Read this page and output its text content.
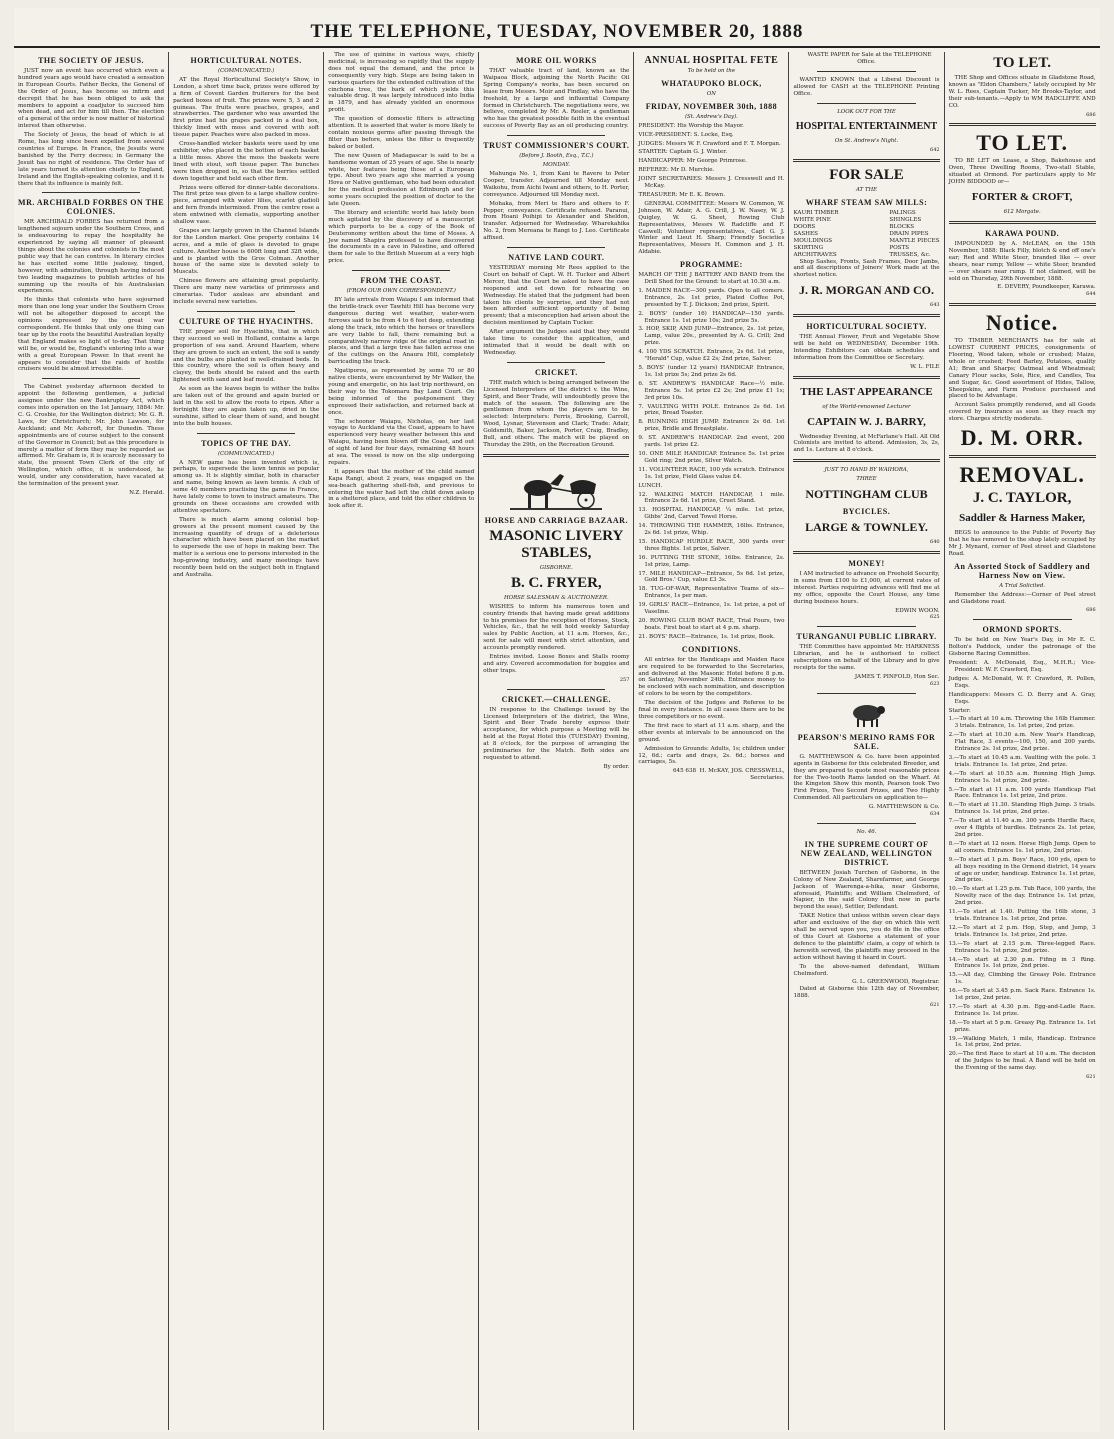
THE TELEPHONE, TUESDAY, NOVEMBER 20, 1888
THE SOCIETY OF JESUS.

JUST now an event has occurred which even a hundred years ago would have created a sensation in European Courts. Father Beckx, the General of the Order of Jesus, has become so infirm and decrepit that he has been obliged to ask the members to appoint a coadjutor to succeed him when dead, and act for him till then. The election of a general of the order is now matter of historical interest than otherwise.

The Society of Jesus, the head of which is at Rome, has long since been expelled from several countries of Europe. In France, the Jesuits were banished by the Ferry decrees; in Germany the Jesuit has no right of residence. The Order has of late years turned its attention chiefly to England, Ireland and the English-speaking colonies, and it is there that its influence is mainly felt.

MR. ARCHIBALD FORBES ON THE COLONIES.

MR ARCHIBALD FORBES has returned from a lengthened sojourn under the Southern Cross, and is endeavouring to repay the hospitality he experienced by saying all manner of pleasant things about the colonies and colonists in the most public way that he can contrive. In literary circles he has excited some little jealousy, tinged, however, with admiration, through having induced two leading magazines to publish articles of his summing up the results of his Australasian experiences.

He thinks that colonists who have sojourned more than one long year under the Southern Cross will not be altogether disposed to accept the opinions expressed by the great war correspondent. He thinks that only one thing can tear up by the roots the beautiful Australian loyalty that England makes so light of to-day. That thing will be, or would be, England's entering into a war with a great European Power. In that event he appears to consider that the raids of hostile cruisers would be almost irresistible.

The Cabinet yesterday afternoon decided to appoint the following gentlemen, a judicial assignee under the new Bankruptcy Act, which comes into operation on the 1st January, 1884: Mr. C. G. Crosbie, for the Wellington district; Mr. G. R. Laws, for Christchurch; Mr. John Lawson, for Auckland; and Mr. Ashcroft, for Dunedin. These appointments are of course subject to the consent of the Governor in Council; but as this procedure is merely a matter of form they may be regarded as affirmed. Mr. Graham is, it is scarcely necessary to state, the present Town Clerk of the city of Wellington, which office, it is understood, he would, under any consideration, have vacated at the termination of the present year.

N.Z. Herald.
HORTICULTURAL NOTES.
(COMMUNICATED.)

AT the Royal Horticultural Society's Show, in London, a short time back, prizes were offered by a firm of Covent Garden fruiterers for the best packed boxes of fruit. The prizes were 5, 3 and 2 guineas. The fruits were peaches, grapes, and strawberries. The gardener who was awarded the first prize had his grapes packed in a deal box, thickly lined with moss and covered with soft tissue paper. Peaches were also packed in moss.

Cross-handled wicker baskets were used by one exhibitor, who placed in the bottom of each basket a little moss. Above the moss the baskets were lined with stout, soft tissue paper. The bunches were then dropped in, so that the berries settled down together and held each other firm.

Prizes were offered for dinner-table decorations. The first prize was given to a large shallow centre-piece, arranged with water lilies, scarlet gladioli and fern fronds intermixed. From the centre rose a stem entwined with clematis, supporting another shallow vase.

Grapes are largely grown in the Channel Islands for the London market. One property contains 14 acres, and a mile of glass is devoted to grape culture. Another house is 600ft long and 32ft wide, and is planted with the Gros Colman. Another house of the same size is devoted solely to Muscats.

Chinese flowers are attaining great popularity. There are many new varieties of primroses and cinerarias. Tudor azaleas are abundant and include several new varieties.

CULTURE OF THE HYACINTHS.

THE proper soil for Hyacinths, that in which they succeed so well in Holland, contains a large proportion of sea sand. Around Haarlem, where they are grown to such an extent, the soil is sandy and the bulbs are planted in well-drained beds. In this country, where the soil is often heavy and clayey, the beds should be raised and the earth lightened with sand and leaf mould.

As soon as the leaves begin to wither the bulbs are taken out of the ground and again buried or laid in the soil to allow the roots to ripen. After a fortnight they are again taken up, dried in the sunshine, sifted to clear them of sand, and bought into the bulb houses.

TOPICS OF THE DAY.
(COMMUNICATED.)

A NEW game has been invented which is, perhaps, to supersede the lawn tennis so popular among us. It is slightly similar, both in character and name, being known as lawn tennis. A club of some 40 members practising the game in France, have lately come to town to instruct amateurs. The grounds on these occasions are crowded with attentive spectators.

There is much alarm among colonial hop-growers at the present moment caused by the increasing quantity of drugs of a deleterious character which have been placed on the market to supersede the use of hops in making beer. The matter is a serious one to persons interested in the hop-growing industry, and many meetings have recently been held on the subject both in England and Australia.

The use of quinine in various ways, chiefly medicinal, is increasing so rapidly that the supply does not equal the demand, and the price is consequently very high. Steps are being taken in various quarters for the extended cultivation of the cinchona tree, the bark of which yields this valuable drug. It was largely introduced into India in 1879, and has already yielded an enormous profit.

The question of domestic filters is attracting attention. It is asserted that water is more likely to contain noxious germs after passing through the filter than before, unless the filter is frequently baked or boiled.

The new Queen of Madagascar is said to be a handsome woman of 25 years of age. She is nearly white, her features being those of a European type. About two years ago she married a young Hova or Native gentleman, who had been educated for the medical profession at Edinburgh and for some years occupied the position of doctor to the late Queen.

The literary and scientific world has lately been much agitated by the discovery of a manuscript which purports to be a copy of the Book of Deuteronomy written about the time of Moses. A Jew named Shapira professed to have discovered the documents in a cave in Palestine, and offered them for sale to the British Museum at a very high price.

FROM THE COAST.
(FROM OUR OWN CORRESPONDENT.)

BY late arrivals from Waiapu I am informed that the bridle-track over Tawhiti Hill has become very dangerous during wet weather, water-worn furrows said to be from 4 to 6 feet deep, extending along the track, into which the horses or travellers are very liable to fall, there remaining but a comparatively narrow ridge of the original road in places, and that a large tree has fallen across one of the cuttings on the Anaura Hill, completely barricading the track.

Ngatiporou, as represented by some 70 or 80 native clients, were encountered by Mr Walker, the young and energetic, on his last trip northward, on their way to the Tokomaru Bay Land Court. On being informed of the postponement they expressed their satisfaction, and returned back at once.

The schooner Waiapu, Nicholas, on her last voyage to Auckland via the Coast, appears to have experienced very heavy weather between this and Waiapu, having been blown off the Coast, and out of sight of land for four days, remaining 48 hours at sea. The vessel is now on the slip undergoing repairs.

It appears that the mother of the child named Kapa Rangi, about 2 years, was engaged on the sea-beach gathering shell-fish, and previous to entering the water had left the child down asleep in a sheltered place, and told the other children to look after it.

MORE OIL WORKS

THAT valuable tract of land, known as the Waipaoa Block, adjoining the North Pacific Oil Spring Company's works, has been secured on lease from Messrs. Moir and Findlay, who have the freehold, by a large and influential Company formed in Christchurch. The negotiations were, we believe, completed by Mr. A. Reeler, a gentleman who has the greatest possible faith in the eventual success of Poverty Bay as an oil producing country.

TRUST COMMISSIONER'S COURT.
(Before J. Booth, Esq., T.C.)
MONDAY.

Mahunga No. 1, from Kani te Ravere to Peter Cooper, transfer. Adjourned till Monday next. Waikohu, from Aichi Iwani and others, to H. Porter, conveyance. Adjourned till Monday next.

Mohaka, from Meri te Haro and others to F. Pepper, conveyance. Certificate refused. Paranui, from Hoani Poihipi to Alexander and Sheldon, transfer. Adjourned for Wednesday. Wharekahika No. 2, from Mereana te Rangi to J. Leo. Certificate affixed.

NATIVE LAND COURT.

YESTERDAY morning Mr Rees applied to the Court on behalf of Capt. W. H. Tucker and Albert Mercer, that the Court be asked to have the case reopened and set down for rehearing on Wednesday. He stated that the judgment had been taken his clients by surprise, and they had not been afforded sufficient opportunity of being present; that a misconception had arisen about the decision mentioned by Captain Tucker.

After argument the Judges said that they would take time to consider the application, and intimated that it would be dealt with on Wednesday.

CRICKET.

THE match which is being arranged between the Licensed Interpreters of the district v. the Wine, Spirit, and Beer Trade, will undoubtedly prove the match of the season. The following are the gentlemen from whom the players are to be selected: Interpreters: Ferris, Brooking, Carroll, Wood, Lysnar, Stevenson and Clark; Trade: Adair, Goldsmith, Baker, Jackson, Porter, Craig, Bradley, Bull, and others. The match will be played on Thursday the 29th, on the Recreation Ground.

HORSE AND CARRIAGE BAZAAR.
MASONIC LIVERY STABLES,
GISBORNE.
B. C. FRYER,
HORSE SALESMAN & AUCTIONEER.

WISHES to inform his numerous town and country friends that having made great additions to his premises for the reception of Horses, Stock, Vehicles, &c., that he will hold weekly Saturday sales by Public Auction, at 11 a.m. Horses, &c., sent for sale will meet with strict attention, and accounts promptly rendered.

Entries invited. Loose Boxes and Stalls roomy and airy. Covered accommodation for buggies and other traps.

257
CRICKET.—CHALLENGE.

IN response to the Challenge issued by the Licensed Interpreters of the district, the Wine, Spirit and Beer Trade hereby express their acceptance, for which purpose a Meeting will be held at the Royal Hotel this (TUESDAY) Evening, at 8 o'clock, for the purpose of arranging the preliminaries for the Match. Both sides are requested to attend.

By order.
ANNUAL HOSPITAL FETE
To be held on the
WHATAUPOKO BLOCK,
ON
FRIDAY, NOVEMBER 30th, 1888
(St. Andrew's Day).
PRESIDENT: His Worship the Mayor.
VICE-PRESIDENT: S. Locke, Esq.
JUDGES: Messrs W. F. Crawford and F. T. Morgan.
STARTER: Captain G. J. Winter.
HANDICAPPER: Mr George Primrose.
REFEREE: Mr D. Murchie.
JOINT SECRETARIES: Messrs J. Cresswell and H. McKay.
TREASURER: Mr E. K. Brown.

GENERAL COMMITTEE: Messrs W. Common, W. Johnson, W. Adair, A. G. Crill, J. W. Nasey, W. J. Quigley, W. G. Sheet, Rowing Club Representatives, Messrs W. Radcliffe and F. Caswell; Volunteer representatives, Capt G. J. Winter and Lieut H. Sharp; Friendly Societies Representatives, Messrs H. Common and J. H. Aldabie.

PROGRAMME:
MARCH OF THE J BATTERY AND BAND from the Drill Shed for the Ground: to start at 10.30 a.m.
1. MAIDEN RACE—300 yards. Open to all comers. Entrance, 2s. 1st prize, Plated Coffee Pot, presented by T. J. Dickson; 2nd prize, Spirit.
2. BOYS' (under 16) HANDICAP—150 yards. Entrance 1s. 1st prize 10s; 2nd prize 5s.
3. HOP, SKIP, AND JUMP—Entrance, 2s. 1st prize, Lamp, value 20s., presented by A. G. Crill; 2nd prize.
4. 100 YDS SCRATCH. Entrance, 2s 6d. 1st prize, "Herald" Cup, value £2 2s; 2nd prize, Salver.
5. BOYS' (under 12 years) HANDICAP. Entrance, 1s. 1st prize 5s; 2nd prize 2s 6d.
6. ST. ANDREW'S HANDICAP. Race—½ mile. Entrance 5s. 1st prize £2 2s; 2nd prize £1 1s; 3rd prize 10s.
7. VAULTING WITH POLE. Entrance 2s 6d. 1st prize, Bread Toaster.
8. RUNNING HIGH JUMP. Entrance 2s 6d. 1st prize, Bridle and Breastplate.
9. ST. ANDREW'S HANDICAP. 2nd event, 200 yards. 1st prize £2.
10. ONE MILE HANDICAP. Entrance 5s. 1st prize Gold ring; 2nd prize, Silver Watch.
11. VOLUNTEER RACE, 100 yds scratch. Entrance 1s. 1st prize, Field Glass value £4.
LUNCH.
12. WALKING MATCH HANDICAP, 1 mile. Entrance 2s 6d. 1st prize, Cruet Stand.
13. HOSPITAL HANDICAP, ¼ mile. 1st prize, Gibbs' 2nd, Carved Towel Horse.
14. THROWING THE HAMMER, 16lbs. Entrance, 2s 6d. 1st prize, Whip.
15. HANDICAP HURDLE RACE, 300 yards over three flights. 1st prize, Salver.
16. PUTTING THE STONE, 16lbs. Entrance, 2s. 1st prize, Lamp.
17. MILE HANDICAP—Entrance, 5s 6d. 1st prize, Gold Bros.' Cup, value £3 3s.
18. TUG-OF-WAR, Representative Teams of six—Entrance, 1s per man.
19. GIRLS' RACE—Entrance, 1s. 1st prize, a pot of Vaseline.
20. ROWING CLUB BOAT RACE, Trial Fours, two boats. First boat to start at 4 p.m. sharp.
21. BOYS' RACE—Entrance, 1s. 1st prize, Book.
CONDITIONS.

All entries for the Handicaps and Maiden Race are required to be forwarded to the Secretaries, and delivered at the Masonic Hotel before 8 p.m. on Saturday, November 24th. Entrance money to be enclosed with each nomination, and description of colors to be worn by the competitors.

The decision of the Judges and Referee to be final in every instance. In all cases there are to be three competitors or no event.

The first race to start at 11 a.m. sharp, and the other events at intervals to be announced on the ground.

Admission to Grounds: Adults, 1s; children under 12, 6d.; carts and drays, 2s. 6d.; horses and carriages, 5s.

645 638 H. McKAY, JOS. CRESSWELL, Secretaries.

WASTE PAPER for Sale at the TELEPHONE Office.

WANTED KNOWN that a Liberal Discount is allowed for CASH at the TELEPHONE Printing Office.

LOOK OUT FOR THE
HOSPITAL ENTERTAINMENT
On St. Andrew's Night.
642
FOR SALE
AT THE
WHARF STEAM SAW MILLS:
KAURI TIMBER
WHITE PINE
DOORS
SASHES
MOULDINGS
SKIRTING
ARCHITRAVES
PALINGS
SHINGLES
BLOCKS
DRAIN PIPES
MANTLE PIECES
POSTS
TRUSSES, &c.

Shop Sashes, Fronts, Sash Frames, Door Jambs, and all descriptions of Joiners' Work made at the shortest notice.

J. R. MORGAN AND CO.
643
HORTICULTURAL SOCIETY.

THE Annual Flower, Fruit and Vegetable Show will be held on WEDNESDAY, December 19th. Intending Exhibitors can obtain schedules and information from the Committee or Secretary.

W. L. FILE
THE LAST APPEARANCE
of the World-renowned Lecturer
CAPTAIN W. J. BARRY,

Wednesday Evening, at McFarlane's Hall. All Old Colonists are invited to attend. Admission, 3s, 2s, and 1s. Lecture at 8 o'clock.

JUST TO HAND BY WAIHORA,
THREE
NOTTINGHAM CLUB
BYCICLES.
LARGE & TOWNLEY.
640
MONEY!

I AM instructed to advance on Freehold Security, in sums from £100 to £1,000, at current rates of interest. Parties requiring advances will find me at my office, opposite the Court House, any time during business hours.

EDWIN WOON.
625
TURANGANUI PUBLIC LIBRARY.

THE Committee have appointed Mr. HARKNESS Librarian, and he is authorised to collect subscriptions on behalf of the Library and to give receipts for the same.

JAMES T. PINFOLD, Hon Sec.
623
PEARSON'S MERINO RAMS FOR SALE.

G. MATTHEWSON & Co. have been appointed agents in Gisborne for this celebrated Breeder, and they are prepared to quote most reasonable prices for the Two-tooth Rams landed on the Wharf. At the Kingston Show this month, Pearson took Two First Prizes, Two Second Prizes, and Two Highly Commended. All particulars on application to—

G. MATTHEWSON & Co.
634
No. 46.
IN THE SUPREME COURT OF NEW ZEALAND, WELLINGTON DISTRICT.

BETWEEN Josiah Turchen of Gisborne, in the Colony of New Zealand, Sharefarmer, and George Jackson of Waerenga-a-hika, near Gisborne, aforesaid, Plaintiffs; and William Chelmsford, of Napier, in the said Colony (but now in parts beyond the seas), Settler, Defendant.

TAKE Notice that unless within seven clear days after and exclusive of the day on which this writ shall be served upon you, you do file in the office of this Court at Gisborne a statement of your defence to the plaintiffs' claim, a copy of which is herewith served, the plaintiffs may proceed in the action without having it heard in Court.

To the above-named defendant, William Chelmsford.

G. L. GREENWOOD, Registrar.

Dated at Gisborne this 12th day of November, 1888.

621
TO LET.

THE Shop and Offices situate in Gladstone Road, known as "Eldon Chambers," lately occupied by Mr W. L. Rees, Captain Tucker, Mr Brooks-Taylor, and their sub-tenants.—Apply to WM RADCLIFFE AND CO.

686
TO LET.

TO BE LET on Lease, a Shop, Bakehouse and Oven, Three Dwelling Rooms, Two-stall Stable, situated at Ormond. For particulars apply to Mr JOHN BIDDOOD or—

FORTER & CROFT,
612 Morgate.
KARAWA POUND.

IMPOUNDED by A. McLEAN, on the 15th November, 1888: Black Filly, blotch & end off one's ear; Red and White Steer, branded like — over shears, near rump; Yellow — white Steer, branded — over shears near rump. If not claimed, will be sold on Thursday, 29th November, 1888.

E. DEVERY, Poundkeeper, Karawa.
644
Notice.

TO TIMBER MERCHANTS has for sale at LOWEST CURRENT PRICES, consignments of Flooring, Wood taken, whole or crushed; Maize, whole or crushed; Feed Barley, Potatoes, quality A1; Bran and Sharps; Oatmeal and Wheatmeal; Canary Flour sacks, Sole, Rice, and Candles, Tea and Sugar, &c. Good assortment of Hides, Tallow, Sheepskins, and Farm Produce purchased and placed to be Advantage.

Account Sales promptly rendered, and all Goods covered by insurance as soon as they reach my store. Charges strictly moderate.

D. M. ORR.
REMOVAL.
J. C. TAYLOR,
Saddler & Harness Maker,

BEGS to announce to the Public of Poverty Bay that he has removed to the shop lately occupied by Mr J. Mynard, corner of Peel street and Gladstone Road.

An Assorted Stock of Saddlery and Harness Now on View.
A Trial Solicited.

Remember the Address:—Corner of Peel street and Gladstone road.

686
ORMOND SPORTS.

To be held on New Year's Day, in Mr E. C. Bolton's Paddock, under the patronage of the Gisborne Racing Committee.

President: A. McDonald, Esq., M.H.R.; Vice-President: W. F. Crawford, Esq.
Judges: A. McDonald, W. F. Crawford, R. Pollen, Esqs.
Handicappers: Messrs C. D. Berry and A. Gray, Esqs.
Starter:
1.—To start at 10 a.m. Throwing the 16lb Hammer. 3 trials. Entrance, 1s. 1st prize, 2nd prize.
2.—To start at 10.30 a.m. New Year's Handicap, Flat Race, 3 events—100, 150, and 200 yards. Entrance 2s. 1st prize, 2nd prize.
3.—To start at 10.45 a.m. Vaulting with the pole. 3 trials. Entrance 1s. 1st prize, 2nd prize.
4.—To start at 10.55 a.m. Running High Jump. Entrance 1s. 1st prize, 2nd prize.
5.—To start at 11 a.m. 100 yards Handicap Flat Race. Entrance 1s. 1st prize, 2nd prize.
6.—To start at 11.30. Standing High Jump. 3 trials. Entrance 1s. 1st prize, 2nd prize.
7.—To start at 11.40 a.m. 300 yards Hurdle Race, over 4 flights of hurdles. Entrance 2s. 1st prize, 2nd prize.
8.—To start at 12 noon. Horse High Jump. Open to all comers. Entrance 1s. 1st prize, 2nd prize.
9.—To start at 1 p.m. Boys' Race, 100 yds, open to all boys residing in the Ormond district, 14 years of age or under, handicap. Entrance 1s. 1st prize, 2nd prize.
10.—To start at 1.25 p.m. Tub Race, 100 yards, the Novelty race of the day. Entrance 1s. 1st prize, 2nd prize.
11.—To start at 1.40. Putting the 16lb stone, 3 trials. Entrance 1s. 1st prize, 2nd prize.
12.—To start at 2 p.m. Hop, Step, and Jump, 3 trials. Entrance 1s. 1st prize, 2nd prize.
13.—To start at 2.15 p.m. Three-legged Race. Entrance 1s. 1st prize, 2nd prize.
14.—To start at 2.30 p.m. Fifing in 3 Ring. Entrance 1s. 1st prize, 2nd prize.
15.—All day, Climbing the Greasy Pole. Entrance 1s.
16.—To start at 3.45 p.m. Sack Race. Entrance 1s. 1st prize, 2nd prize.
17.—To start at 4.30 p.m. Egg-and-Ladle Race. Entrance 1s. 1st prize.
18.—To start at 5 p.m. Greasy Pig. Entrance 1s. 1st prize.
19.—Walking Match, 1 mile, Handicap. Entrance 1s. 1st prize, 2nd prize.
20.—The first Race to start at 10 a.m. The decision of the Judges to be final. A Band will be held on the Evening of the same day.
621
